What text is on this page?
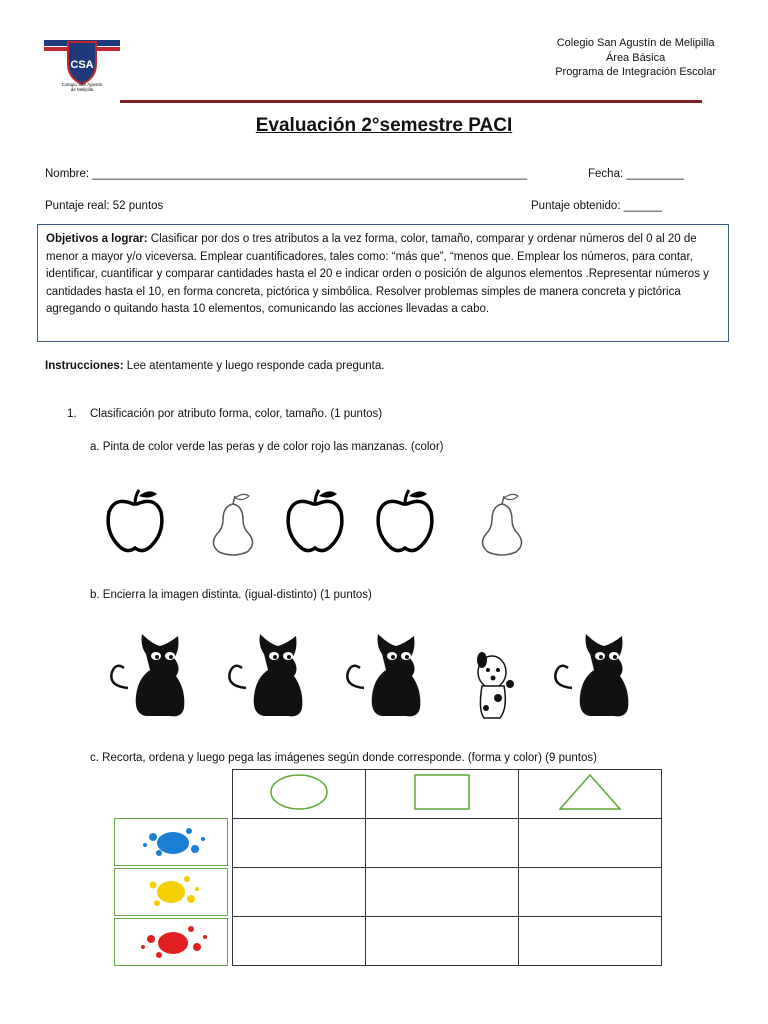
CSA
Colegio San Agustín
de Melipilla
Colegio San Agustín de Melipilla
Área Básica
Programa de Integración Escolar
Evaluación 2°semestre PACI
Nombre: ____________________________________________________________________	Fecha: _________
Puntaje real: 52 puntos	Puntaje obtenido: ______
Objetivos a lograr: Clasificar por dos o tres atributos a la vez forma, color, tamaño, comparar y ordenar números del 0 al 20 de menor a mayor y/o viceversa. Emplear cuantificadores, tales como: “más que”, “menos que. Emplear los números, para contar, identificar, cuantificar y comparar cantidades hasta el 20 e indicar orden o posición de algunos elementos .Representar números y cantidades hasta el 10, en forma concreta, pictórica y simbólica. Resolver problemas simples de manera concreta y pictórica agregando o quitando hasta 10 elementos, comunicando las acciones llevadas a cabo.
Instrucciones: Lee atentamente y luego responde cada pregunta.
1. Clasificación por atributo forma, color, tamaño. (1 puntos)
a. Pinta de color verde las peras y de color rojo las manzanas. (color)
b. Encierra la imagen distinta. (igual-distinto) (1 puntos)
c. Recorta, ordena y luego pega las imágenes según donde corresponde. (forma y color) (9 puntos)
